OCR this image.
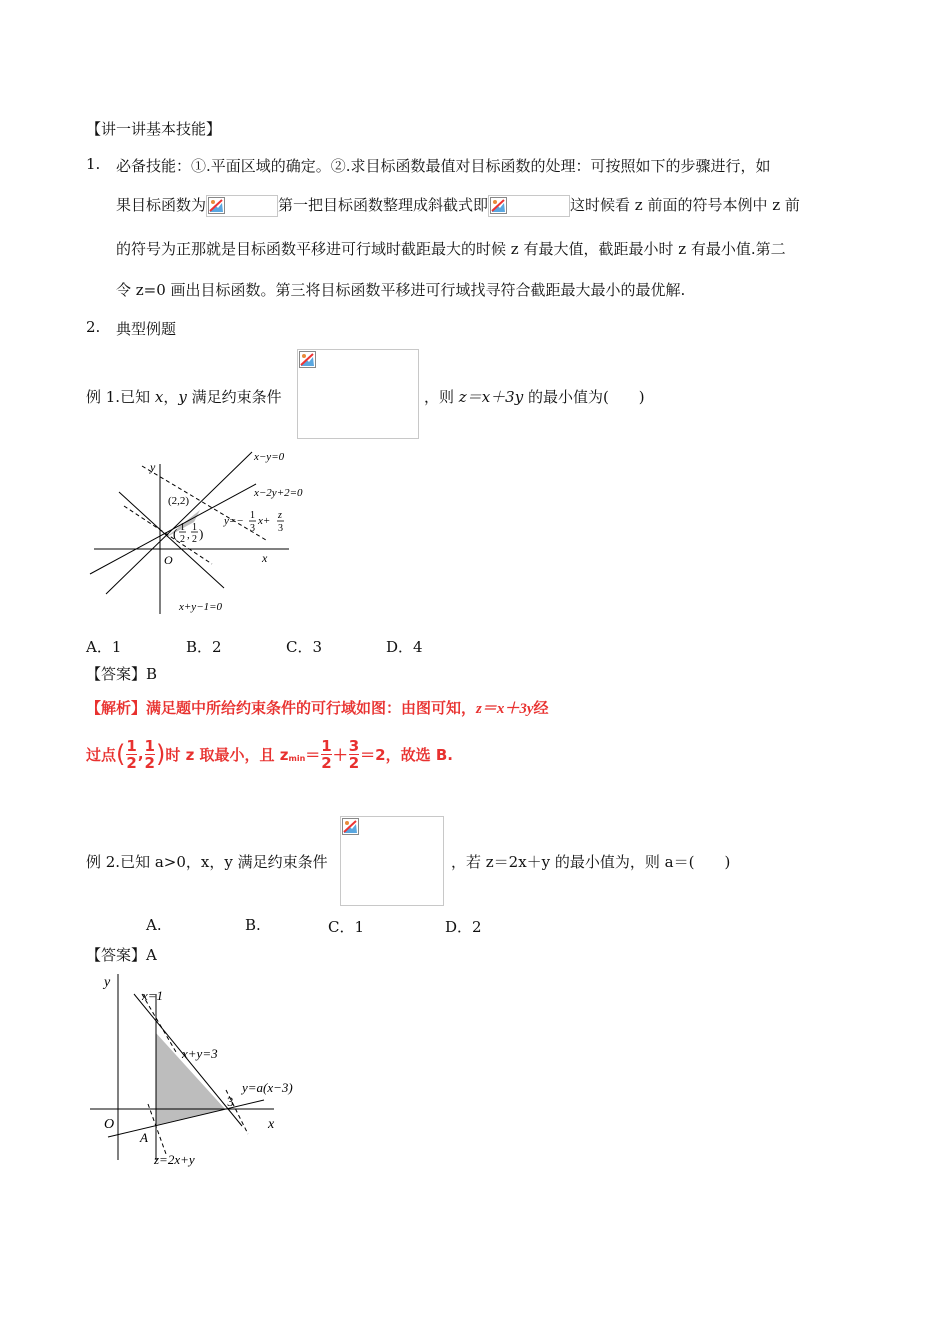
【讲一讲基本技能】
1. 必备技能：①.平面区域的确定。②.求目标函数最值对目标函数的处理：可按照如下的步骤进行，如
果目标函数为	第一把目标函数整理成斜截式即	这时候看 z 前面的符号本例中 z 前
的符号为正那就是目标函数平移进可行域时截距最大的时候 z 有最大值，截距最小时 z 有最小值.第二
令 z=0 画出目标函数。第三将目标函数平移进可行域找寻符合截距最大最小的最优解.
2. 典型例题
例 1.已知 x，y 满足约束条件	，则 z＝x＋3y 的最小值为(　　)
y
x
O
x−y=0
x−2y+2=0
x+y−1=0
(2,2)
( 1
2 ,
1
2 )
y=− 1
3
x+ z
3
A．1	B．2	C．3	D．4
【答案】B
【解析】满足题中所给约束条件的可行域如图：由图可知，z＝x＋3y经
过点 ( $\frac{1}{2}$ , $\frac{1}{2}$ ) 时 z 取最小，且 z $\min = \frac{1}{2} + \frac{3}{2} =2$，故选 B.
例 2.已知 a>0，x，y 满足约束条件	，若 z＝2x＋y 的最小值为，则 a＝(　　)
A.	B.	C．1	D．2
【答案】A
y
x
O
x=1
x+y=3
y=a(x−3)
z=2x+y
3
A
